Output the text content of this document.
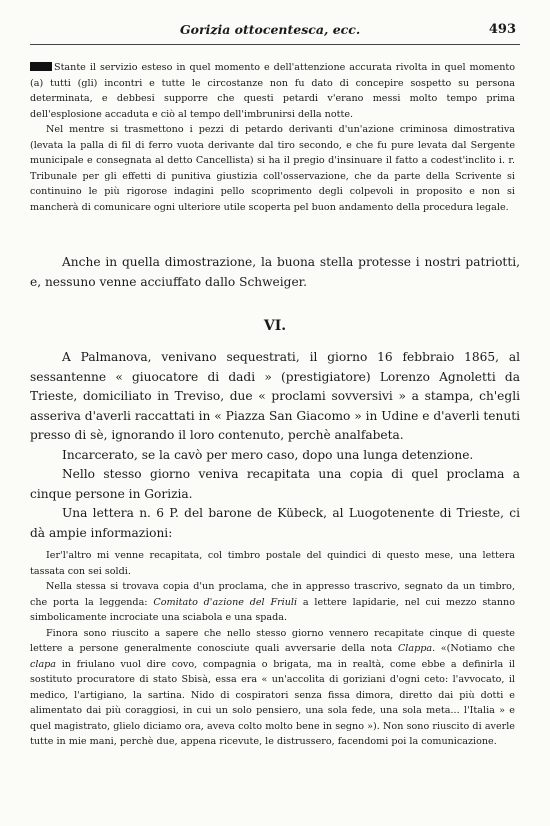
Gorizia ottocentesca, ecc.	493

Stante il servizio esteso in quel momento e dell'attenzione accurata rivolta in quel momento (a) tutti (gli) incontri e tutte le circostanze non fu dato di concepire sospetto su persona determinata, e debbesi supporre che questi petardi v'erano messi molto tempo prima dell'esplosione accaduta e ciò al tempo dell'imbrunirsi della notte.

Nel mentre si trasmettono i pezzi di petardo derivanti d'un'azione criminosa dimostrativa (levata la palla di fil di ferro vuota derivante dal tiro secondo, e che fu pure levata dal Sergente municipale e consegnata al detto Cancellista) si ha il pregio d'insinuare il fatto a codest'inclito i. r. Tribunale per gli effetti di punitiva giustizia coll'osservazione, che da parte della Scrivente si continuino le più rigorose indagini pello scoprimento degli colpevoli in proposito e non si mancherà di comunicare ogni ulteriore utile scoperta pel buon andamento della procedura legale.

Anche in quella dimostrazione, la buona stella protesse i nostri patriotti, e, nessuno venne acciuffato dallo Schweiger.

VI.

A Palmanova, venivano sequestrati, il giorno 16 febbraio 1865, al sessantenne « giuocatore di dadi » (prestigiatore) Lorenzo Agnoletti da Trieste, domiciliato in Treviso, due « proclami sovversivi » a stampa, ch'egli asseriva d'averli raccattati in « Piazza San Giacomo » in Udine e d'averli tenuti presso di sè, ignorando il loro contenuto, perchè analfabeta.

Incarcerato, se la cavò per mero caso, dopo una lunga detenzione.

Nello stesso giorno veniva recapitata una copia di quel proclama a cinque persone in Gorizia.

Una lettera n. 6 P. del barone de Kübeck, al Luogotenente di Trieste, ci dà ampie informazioni:

Ier'l'altro mi venne recapitata, col timbro postale del quindici di questo mese, una lettera tassata con sei soldi.

Nella stessa si trovava copia d'un proclama, che in appresso trascrivo, segnato da un timbro, che porta la leggenda: Comitato d'azione del Friuli a lettere lapidarie, nel cui mezzo stanno simbolicamente incrociate una sciabola e una spada.

Finora sono riuscito a sapere che nello stesso giorno vennero recapitate cinque di queste lettere a persone generalmente conosciute quali avversarie della nota Clappa. «(Notiamo che clapa in friulano vuol dire covo, compagnia o brigata, ma in realtà, come ebbe a definirla il sostituto procuratore di stato Sbisà, essa era « un'accolita di goriziani d'ogni ceto: l'avvocato, il medico, l'artigiano, la sartina. Nido di cospiratori senza fissa dimora, diretto dai più dotti e alimentato dai più coraggiosi, in cui un solo pensiero, una sola fede, una sola meta... l'Italia » e quel magistrato, glielo diciamo ora, aveva colto molto bene in segno »). Non sono riuscito di averle tutte in mie mani, perchè due, appena ricevute, le distrussero, facendomi poi la comunicazione.
